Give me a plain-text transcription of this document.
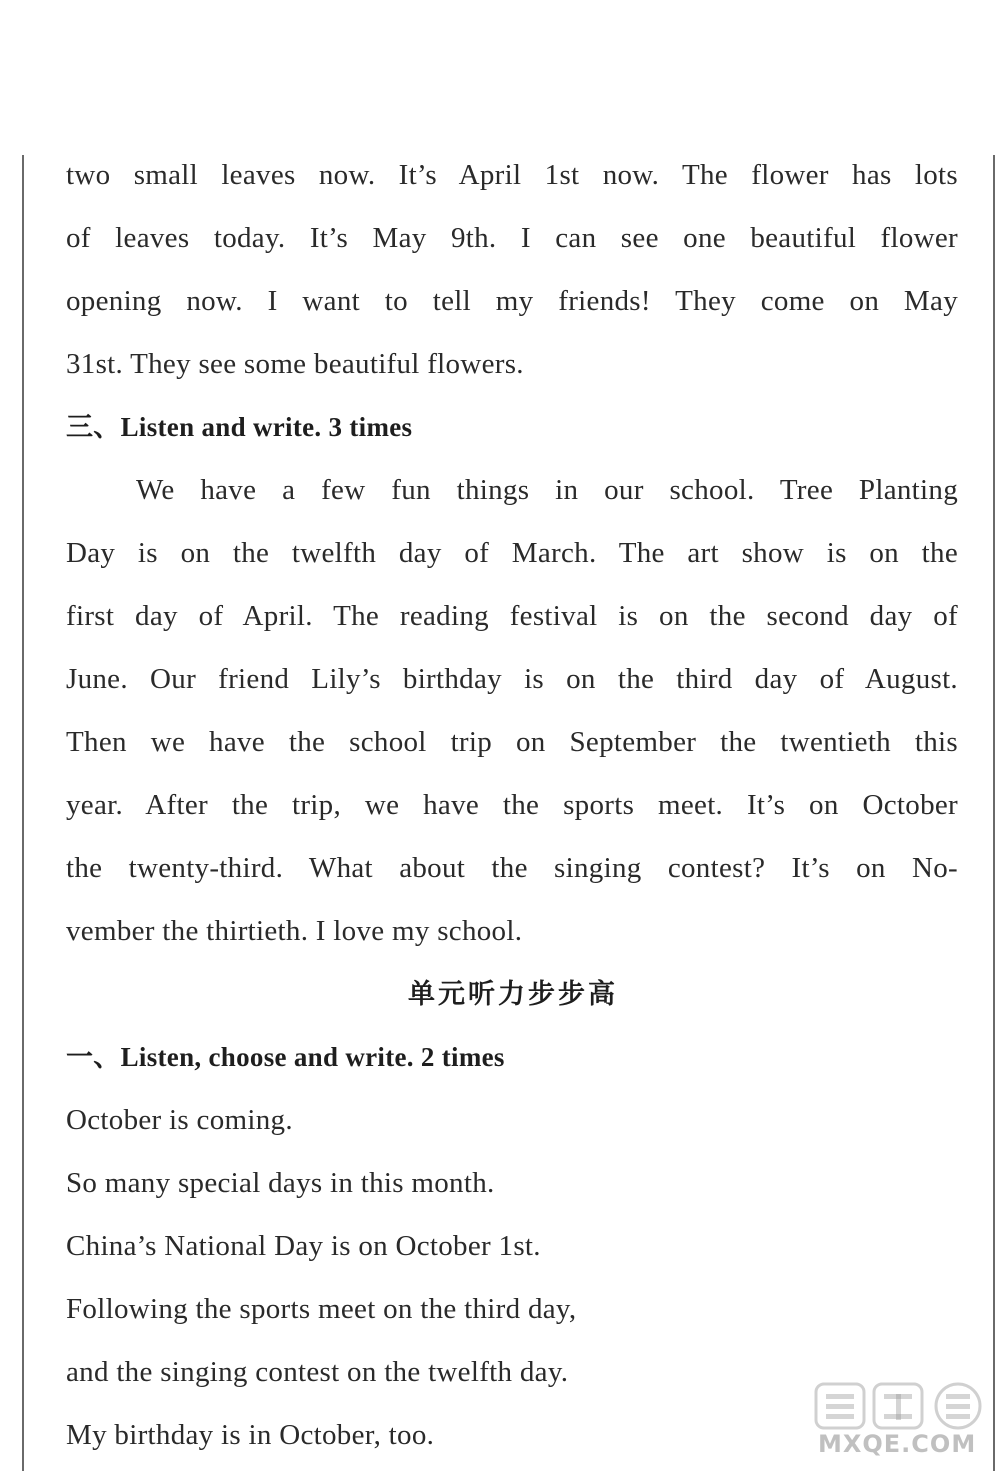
two small leaves now. It’s April 1st now. The flower has lots
of leaves today. It’s May 9th. I can see one beautiful flower
opening now. I want to tell my friends! They come on May
31st. They see some beautiful flowers.
三、Listen and write. 3 times
We have a few fun things in our school. Tree Planting
Day is on the twelfth day of March. The art show is on the
first day of April. The reading festival is on the second day of
June. Our friend Lily’s birthday is on the third day of August.
Then we have the school trip on September the twentieth this
year. After the trip, we have the sports meet. It’s on October
the twenty-third. What about the singing contest? It’s on No-
vember the thirtieth. I love my school.
单元听力步步高
一、Listen, choose and write. 2 times
October is coming.
So many special days in this month.
China’s National Day is on October 1st.
Following the sports meet on the third day,
and the singing contest on the twelfth day.
My birthday is in October, too.	MXQE.COM
